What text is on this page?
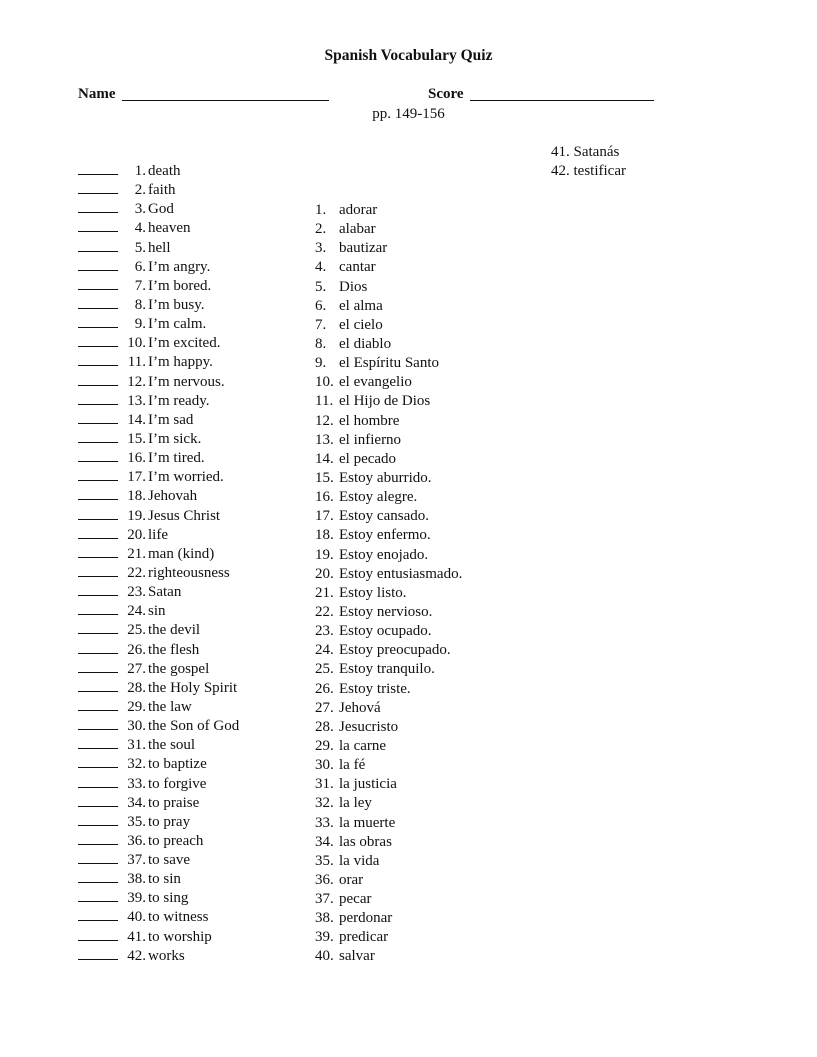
Spanish Vocabulary Quiz
Name	Score
pp. 149-156
41. Satanás
42. testificar
1. death
2. faith
3. God
4. heaven
5. hell
6. I’m angry.
7. I’m bored.
8. I’m busy.
9. I’m calm.
10. I’m excited.
11. I’m happy.
12. I’m nervous.
13. I’m ready.
14. I’m sad
15. I’m sick.
16. I’m tired.
17. I’m worried.
18. Jehovah
19. Jesus Christ
20. life
21. man (kind)
22. righteousness
23. Satan
24. sin
25. the devil
26. the flesh
27. the gospel
28. the Holy Spirit
29. the law
30. the Son of God
31. the soul
32. to baptize
33. to forgive
34. to praise
35. to pray
36. to preach
37. to save
38. to sin
39. to sing
40. to witness
41. to worship
42. works
1. adorar
2. alabar
3. bautizar
4. cantar
5. Dios
6. el alma
7. el cielo
8. el diablo
9. el Espíritu Santo
10. el evangelio
11. el Hijo de Dios
12. el hombre
13. el infierno
14. el pecado
15. Estoy aburrido.
16. Estoy alegre.
17. Estoy cansado.
18. Estoy enfermo.
19. Estoy enojado.
20. Estoy entusiasmado.
21. Estoy listo.
22. Estoy nervioso.
23. Estoy ocupado.
24. Estoy preocupado.
25. Estoy tranquilo.
26. Estoy triste.
27. Jehová
28. Jesucristo
29. la carne
30. la fé
31. la justicia
32. la ley
33. la muerte
34. las obras
35. la vida
36. orar
37. pecar
38. perdonar
39. predicar
40. salvar
